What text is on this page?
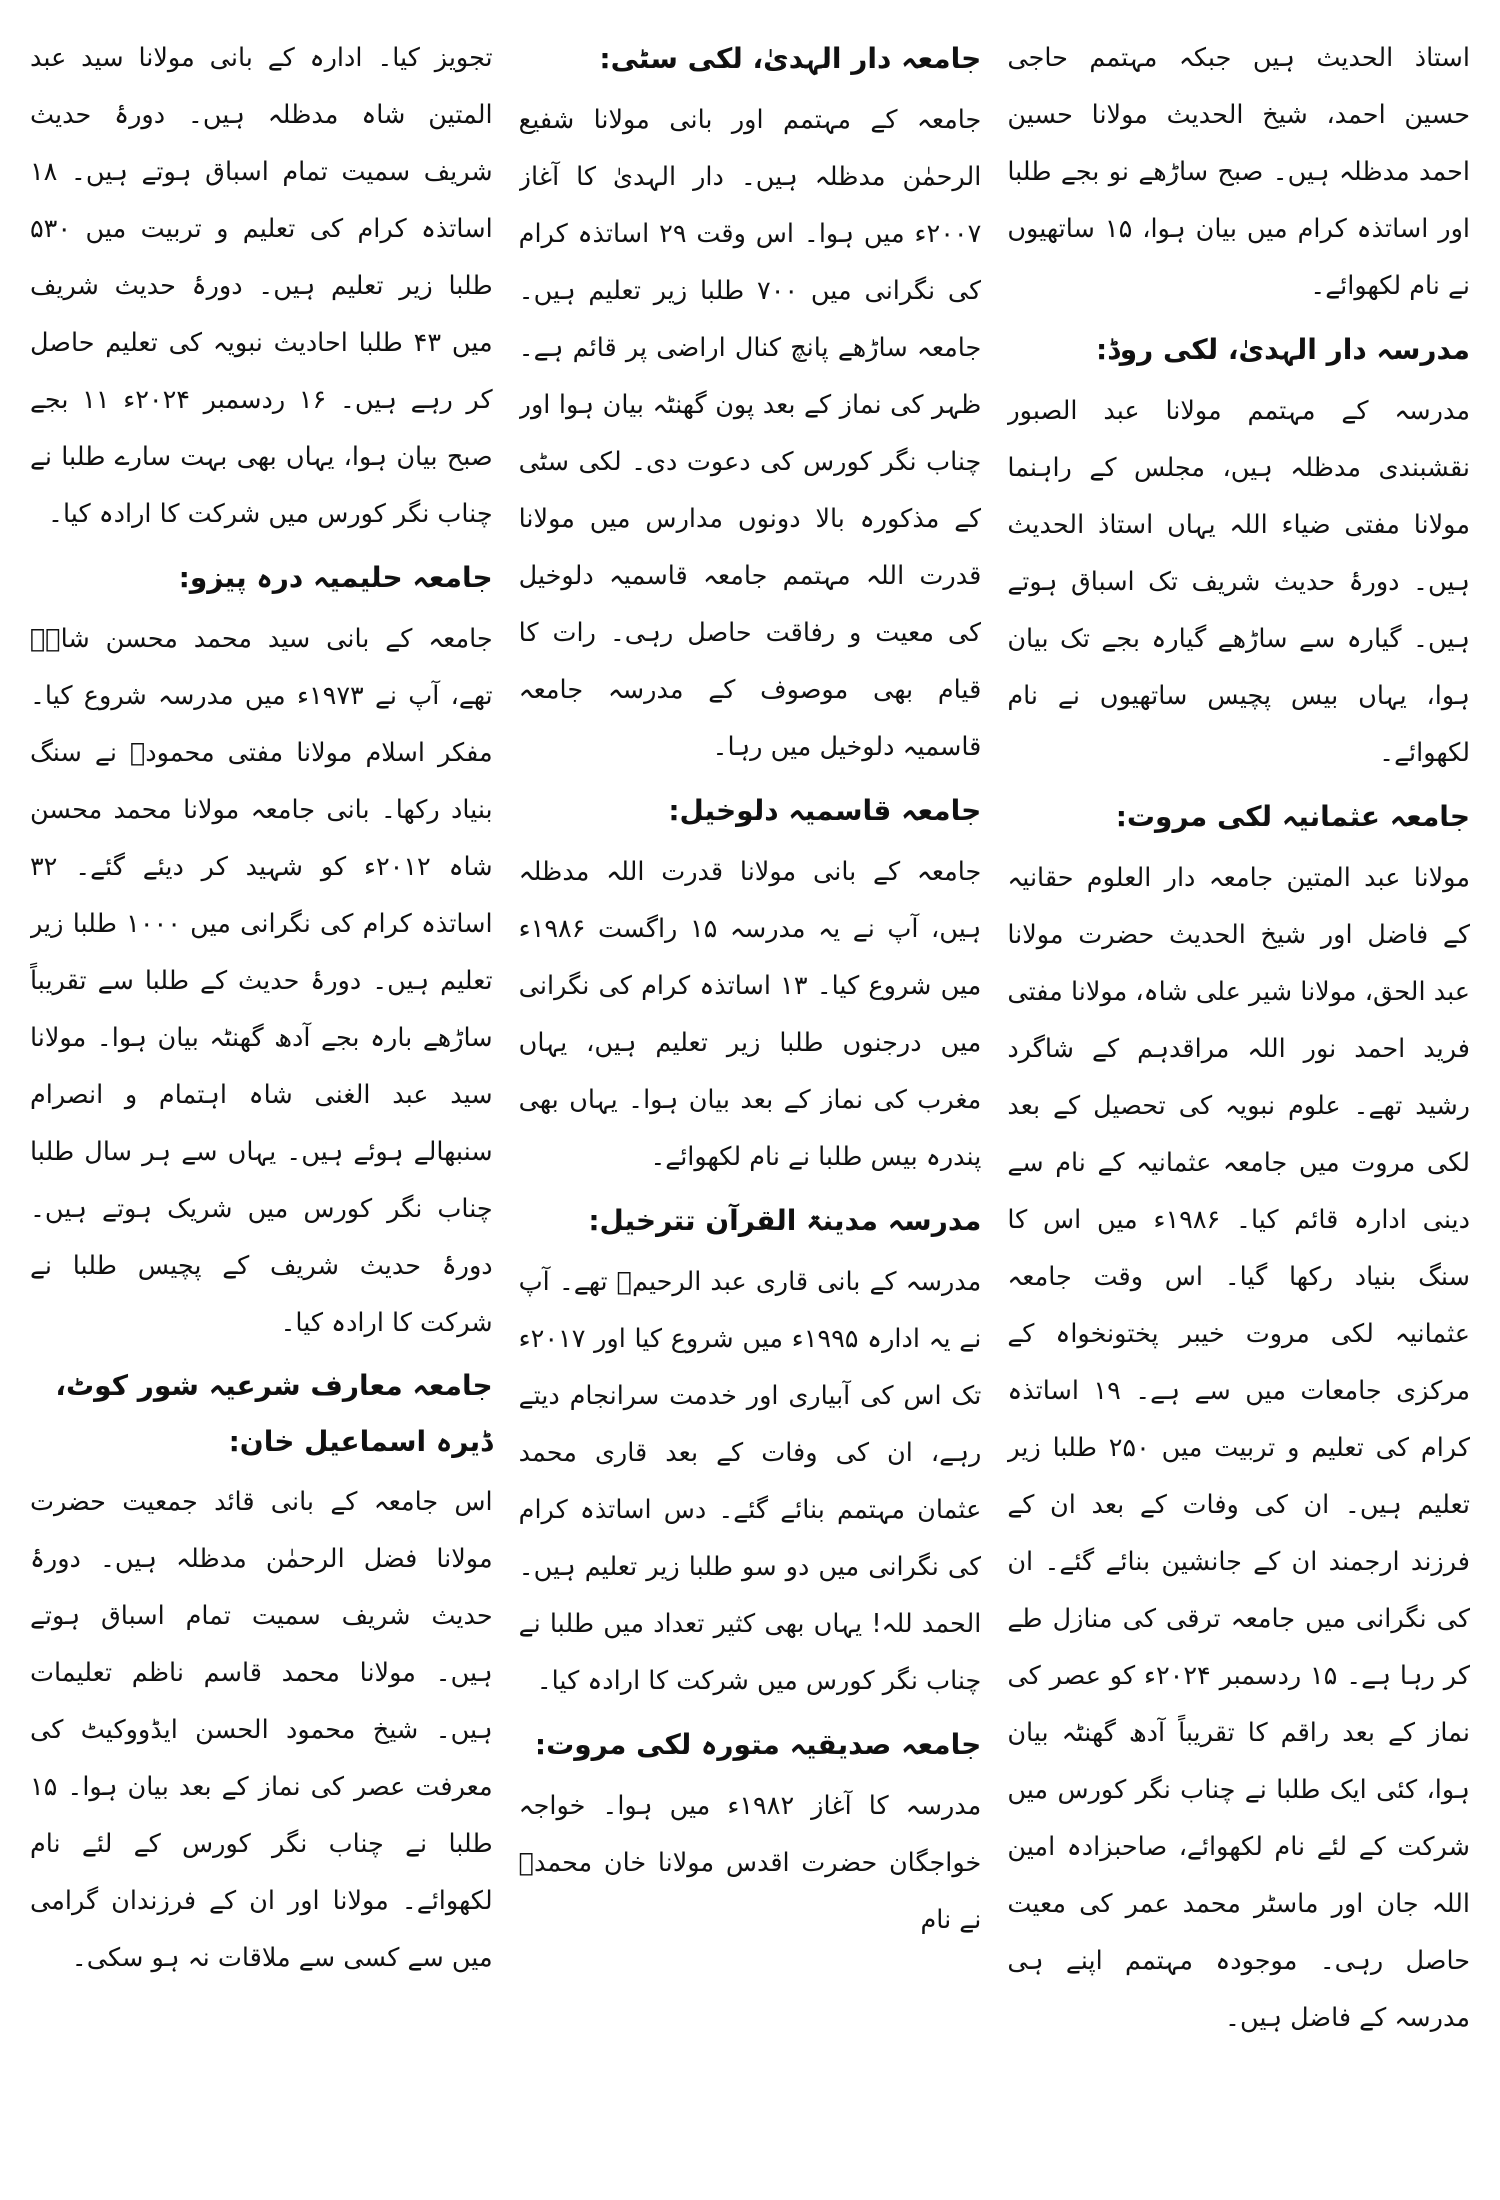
استاذ الحدیث ہیں جبکہ مہتمم حاجی حسین احمد، شیخ الحدیث مولانا حسین احمد مدظلہ ہیں۔ صبح ساڑھے نو بجے طلبا اور اساتذہ کرام میں بیان ہوا، ۱۵ ساتھیوں نے نام لکھوائے۔

مدرسہ دار الہدیٰ، لکی روڈ:

مدرسہ کے مہتمم مولانا عبد الصبور نقشبندی مدظلہ ہیں، مجلس کے راہنما مولانا مفتی ضیاء اللہ یہاں استاذ الحدیث ہیں۔ دورۂ حدیث شریف تک اسباق ہوتے ہیں۔ گیارہ سے ساڑھے گیارہ بجے تک بیان ہوا، یہاں بیس پچیس ساتھیوں نے نام لکھوائے۔

جامعہ عثمانیہ لکی مروت:

مولانا عبد المتین جامعہ دار العلوم حقانیہ کے فاضل اور شیخ الحدیث حضرت مولانا عبد الحق، مولانا شیر علی شاہ، مولانا مفتی فرید احمد نور اللہ مراقدہم کے شاگرد رشید تھے۔ علوم نبویہ کی تحصیل کے بعد لکی مروت میں جامعہ عثمانیہ کے نام سے دینی ادارہ قائم کیا۔ ۱۹۸۶ء میں اس کا سنگ بنیاد رکھا گیا۔ اس وقت جامعہ عثمانیہ لکی مروت خیبر پختونخواہ کے مرکزی جامعات میں سے ہے۔ ۱۹ اساتذہ کرام کی تعلیم و تربیت میں ۲۵۰ طلبا زیر تعلیم ہیں۔ ان کی وفات کے بعد ان کے فرزند ارجمند ان کے جانشین بنائے گئے۔ ان کی نگرانی میں جامعہ ترقی کی منازل طے کر رہا ہے۔ ۱۵ ردسمبر ۲۰۲۴ء کو عصر کی نماز کے بعد راقم کا تقریباً آدھ گھنٹہ بیان ہوا، کئی ایک طلبا نے چناب نگر کورس میں شرکت کے لئے نام لکھوائے، صاحبزادہ امین اللہ جان اور ماسٹر محمد عمر کی معیت حاصل رہی۔ موجودہ مہتمم اپنے ہی مدرسہ کے فاضل ہیں۔

جامعہ دار الہدیٰ، لکی سٹی:

جامعہ کے مہتمم اور بانی مولانا شفیع الرحمٰن مدظلہ ہیں۔ دار الہدیٰ کا آغاز ۲۰۰۷ء میں ہوا۔ اس وقت ۲۹ اساتذہ کرام کی نگرانی میں ۷۰۰ طلبا زیر تعلیم ہیں۔ جامعہ ساڑھے پانچ کنال اراضی پر قائم ہے۔ ظہر کی نماز کے بعد پون گھنٹہ بیان ہوا اور چناب نگر کورس کی دعوت دی۔ لکی سٹی کے مذکورہ بالا دونوں مدارس میں مولانا قدرت اللہ مہتمم جامعہ قاسمیہ دلوخیل کی معیت و رفاقت حاصل رہی۔ رات کا قیام بھی موصوف کے مدرسہ جامعہ قاسمیہ دلوخیل میں رہا۔

جامعہ قاسمیہ دلوخیل:

جامعہ کے بانی مولانا قدرت اللہ مدظلہ ہیں، آپ نے یہ مدرسہ ۱۵ راگست ۱۹۸۶ء میں شروع کیا۔ ۱۳ اساتذہ کرام کی نگرانی میں درجنوں طلبا زیر تعلیم ہیں، یہاں مغرب کی نماز کے بعد بیان ہوا۔ یہاں بھی پندرہ بیس طلبا نے نام لکھوائے۔

مدرسہ مدینۃ القرآن تترخیل:

مدرسہ کے بانی قاری عبد الرحیمؒ تھے۔ آپ نے یہ ادارہ ۱۹۹۵ء میں شروع کیا اور ۲۰۱۷ء تک اس کی آبیاری اور خدمت سرانجام دیتے رہے، ان کی وفات کے بعد قاری محمد عثمان مہتمم بنائے گئے۔ دس اساتذہ کرام کی نگرانی میں دو سو طلبا زیر تعلیم ہیں۔ الحمد للہ! یہاں بھی کثیر تعداد میں طلبا نے چناب نگر کورس میں شرکت کا ارادہ کیا۔

جامعہ صدیقیہ متورہ لکی مروت:

مدرسہ کا آغاز ۱۹۸۲ء میں ہوا۔ خواجہ خواجگان حضرت اقدس مولانا خان محمدؒ نے نام

تجویز کیا۔ ادارہ کے بانی مولانا سید عبد المتین شاہ مدظلہ ہیں۔ دورۂ حدیث شریف سمیت تمام اسباق ہوتے ہیں۔ ۱۸ اساتذہ کرام کی تعلیم و تربیت میں ۵۳۰ طلبا زیر تعلیم ہیں۔ دورۂ حدیث شریف میں ۴۳ طلبا احادیث نبویہ کی تعلیم حاصل کر رہے ہیں۔ ۱۶ ردسمبر ۲۰۲۴ء ۱۱ بجے صبح بیان ہوا، یہاں بھی بہت سارے طلبا نے چناب نگر کورس میں شرکت کا ارادہ کیا۔

جامعہ حلیمیہ درہ پیزو:

جامعہ کے بانی سید محمد محسن شاہؒ تھے، آپ نے ۱۹۷۳ء میں مدرسہ شروع کیا۔ مفکر اسلام مولانا مفتی محمودؒ نے سنگ بنیاد رکھا۔ بانی جامعہ مولانا محمد محسن شاہ ۲۰۱۲ء کو شہید کر دیئے گئے۔ ۳۲ اساتذہ کرام کی نگرانی میں ۱۰۰۰ طلبا زیر تعلیم ہیں۔ دورۂ حدیث کے طلبا سے تقریباً ساڑھے بارہ بجے آدھ گھنٹہ بیان ہوا۔ مولانا سید عبد الغنی شاہ اہتمام و انصرام سنبھالے ہوئے ہیں۔ یہاں سے ہر سال طلبا چناب نگر کورس میں شریک ہوتے ہیں۔ دورۂ حدیث شریف کے پچیس طلبا نے شرکت کا ارادہ کیا۔

جامعہ معارف شرعیہ شور کوٹ، ڈیرہ اسماعیل خان:

اس جامعہ کے بانی قائد جمعیت حضرت مولانا فضل الرحمٰن مدظلہ ہیں۔ دورۂ حدیث شریف سمیت تمام اسباق ہوتے ہیں۔ مولانا محمد قاسم ناظم تعلیمات ہیں۔ شیخ محمود الحسن ایڈووکیٹ کی معرفت عصر کی نماز کے بعد بیان ہوا۔ ۱۵ طلبا نے چناب نگر کورس کے لئے نام لکھوائے۔ مولانا اور ان کے فرزندان گرامی میں سے کسی سے ملاقات نہ ہو سکی۔
